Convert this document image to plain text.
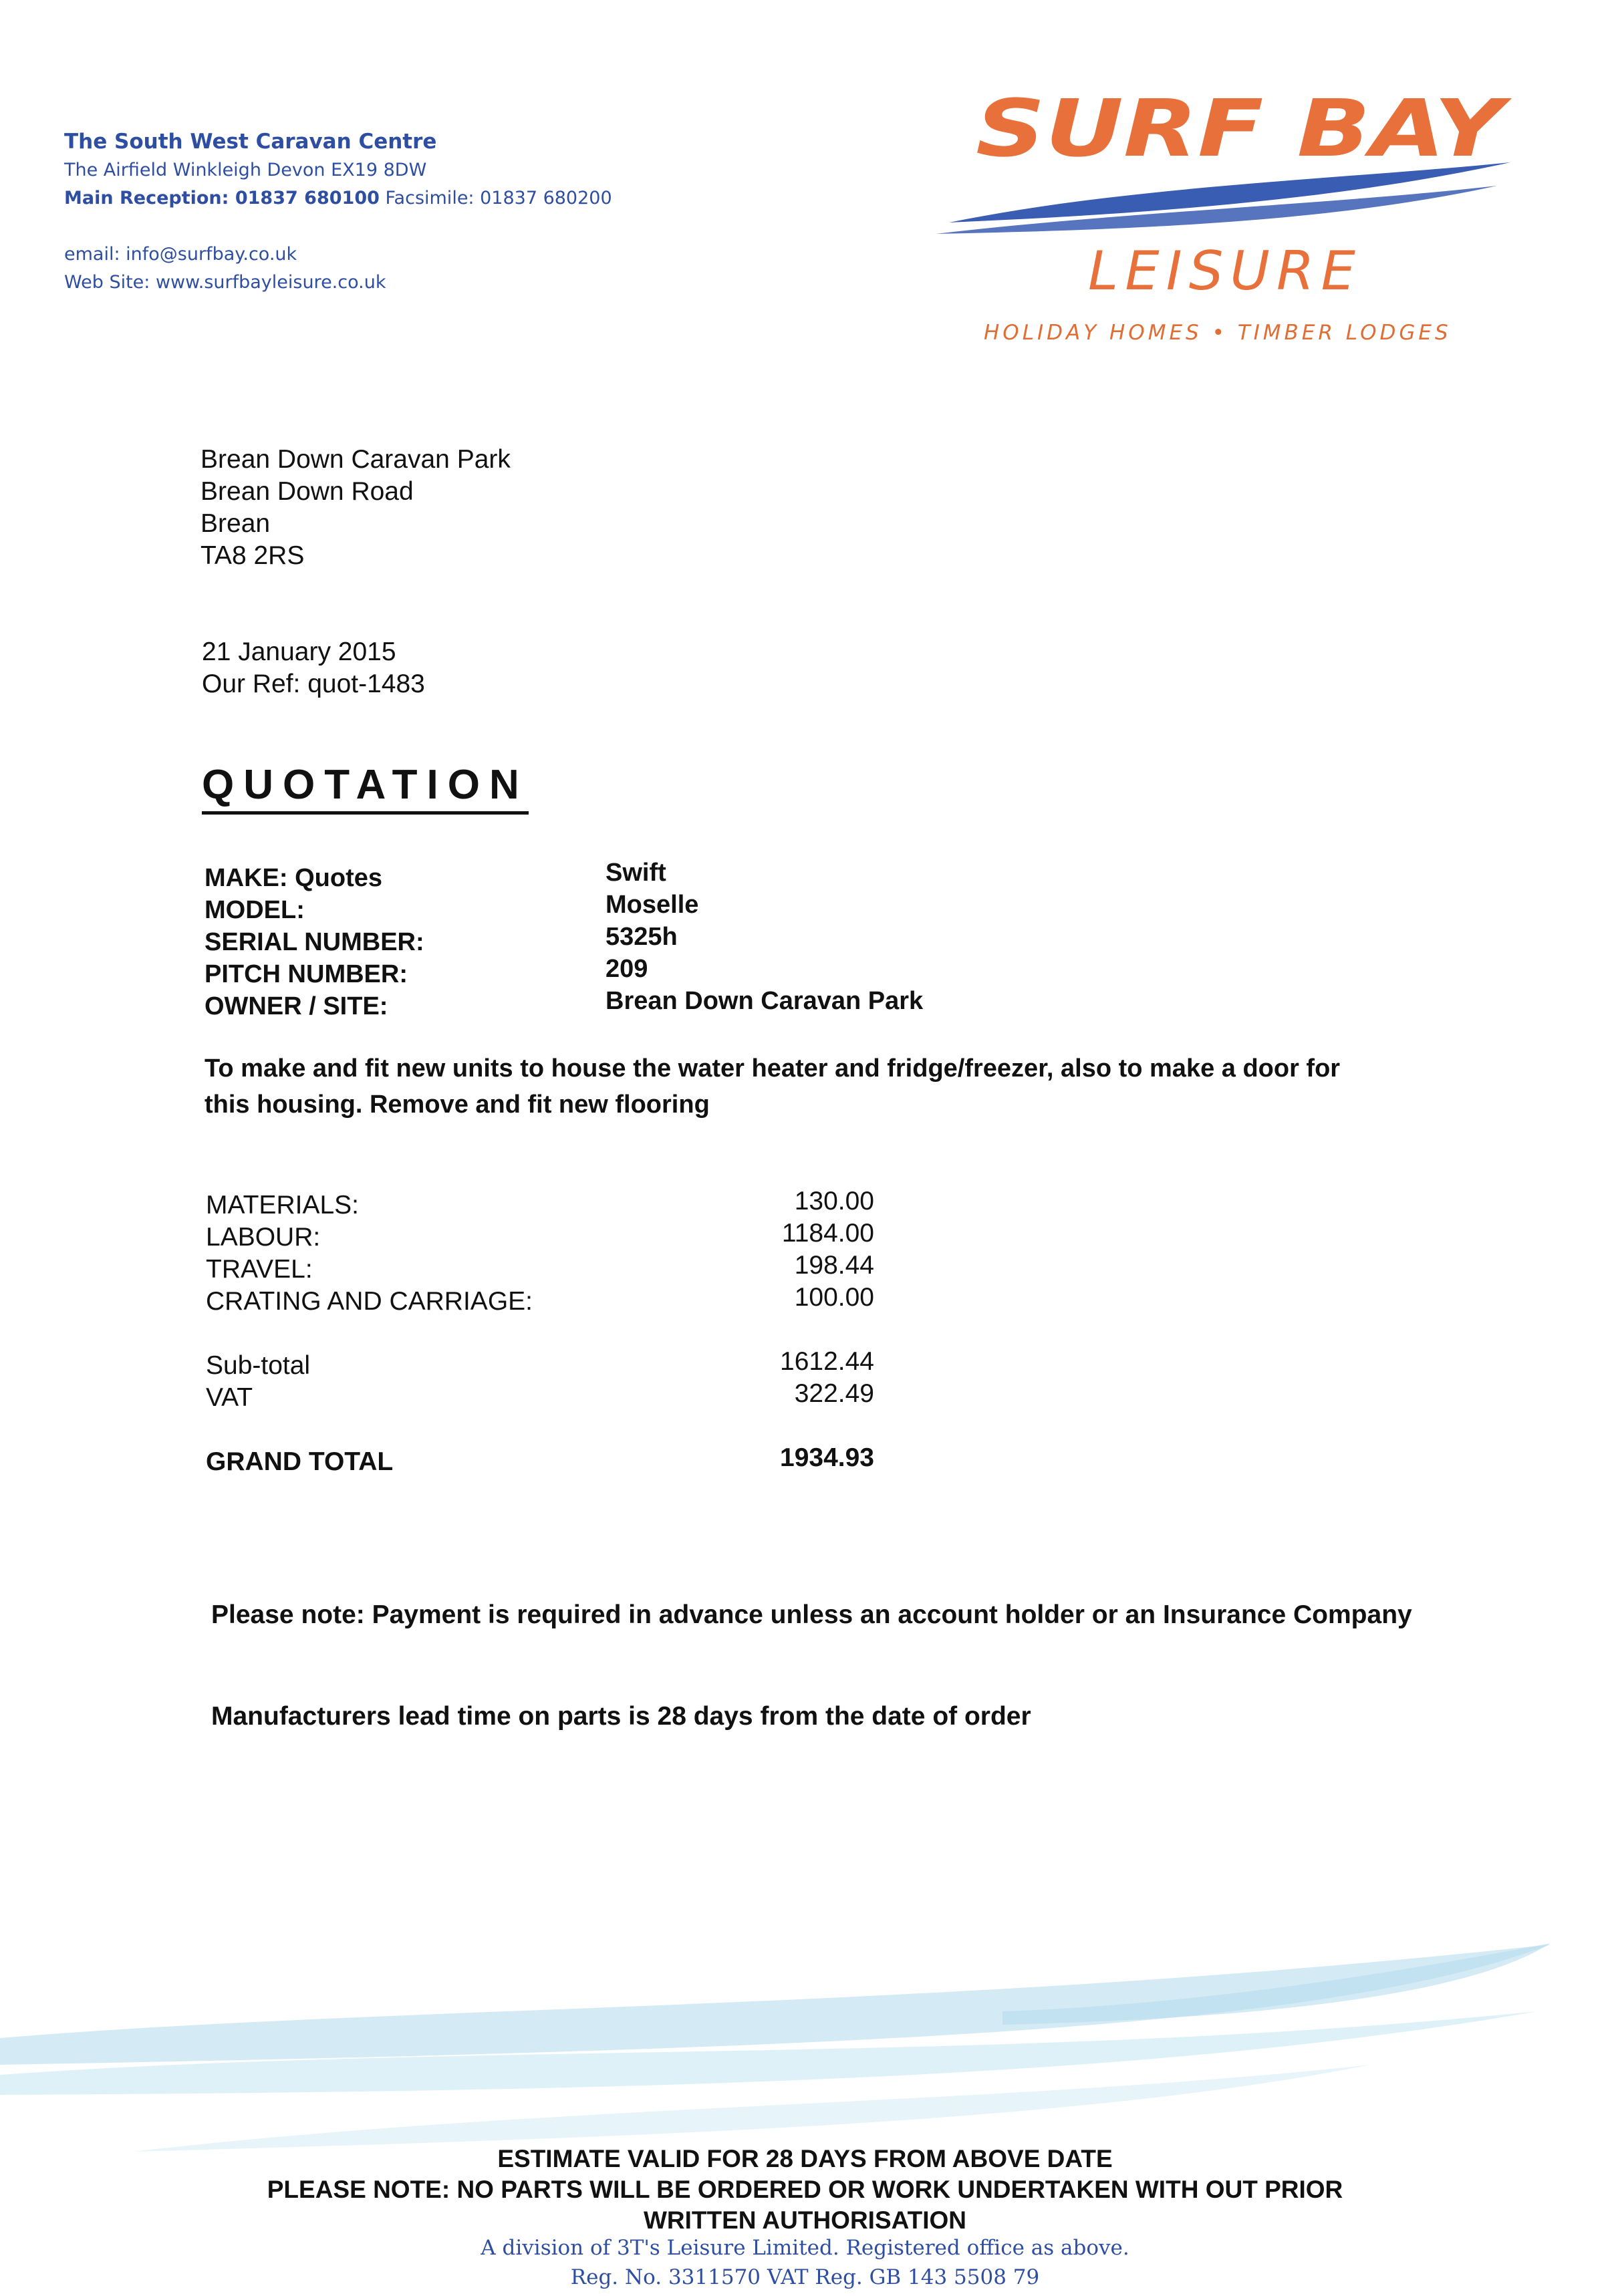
The South West Caravan Centre
The Airfield Winkleigh Devon EX19 8DW
Main Reception: 01837 680100 Facsimile: 01837 680200
email: info@surfbay.co.uk
Web Site: www.surfbayleisure.co.uk
SURF BAY
LEISURE
HOLIDAY HOMES • TIMBER LODGES
Brean Down Caravan Park
Brean Down Road
Brean
TA8 2RS
21 January 2015
Our Ref: quot-1483
QUOTATION
MAKE: Quotes	Swift
MODEL:	Moselle
SERIAL NUMBER:	5325h
PITCH NUMBER:	209
OWNER / SITE:	Brean Down Caravan Park
To make and fit new units to house the water heater and fridge/freezer, also to make a door for this housing. Remove and fit new flooring
MATERIALS:	130.00
LABOUR:	1184.00
TRAVEL:	198.44
CRATING AND CARRIAGE:	100.00
Sub-total	1612.44
VAT	322.49
GRAND TOTAL	1934.93
Please note: Payment is required in advance unless an account holder or an Insurance Company
Manufacturers lead time on parts is 28 days from the date of order
ESTIMATE VALID FOR 28 DAYS FROM ABOVE DATE
PLEASE NOTE: NO PARTS WILL BE ORDERED OR WORK UNDERTAKEN WITH OUT PRIOR
WRITTEN AUTHORISATION
A division of 3T's Leisure Limited. Registered office as above.
Reg. No. 3311570 VAT Reg. GB 143 5508 79
